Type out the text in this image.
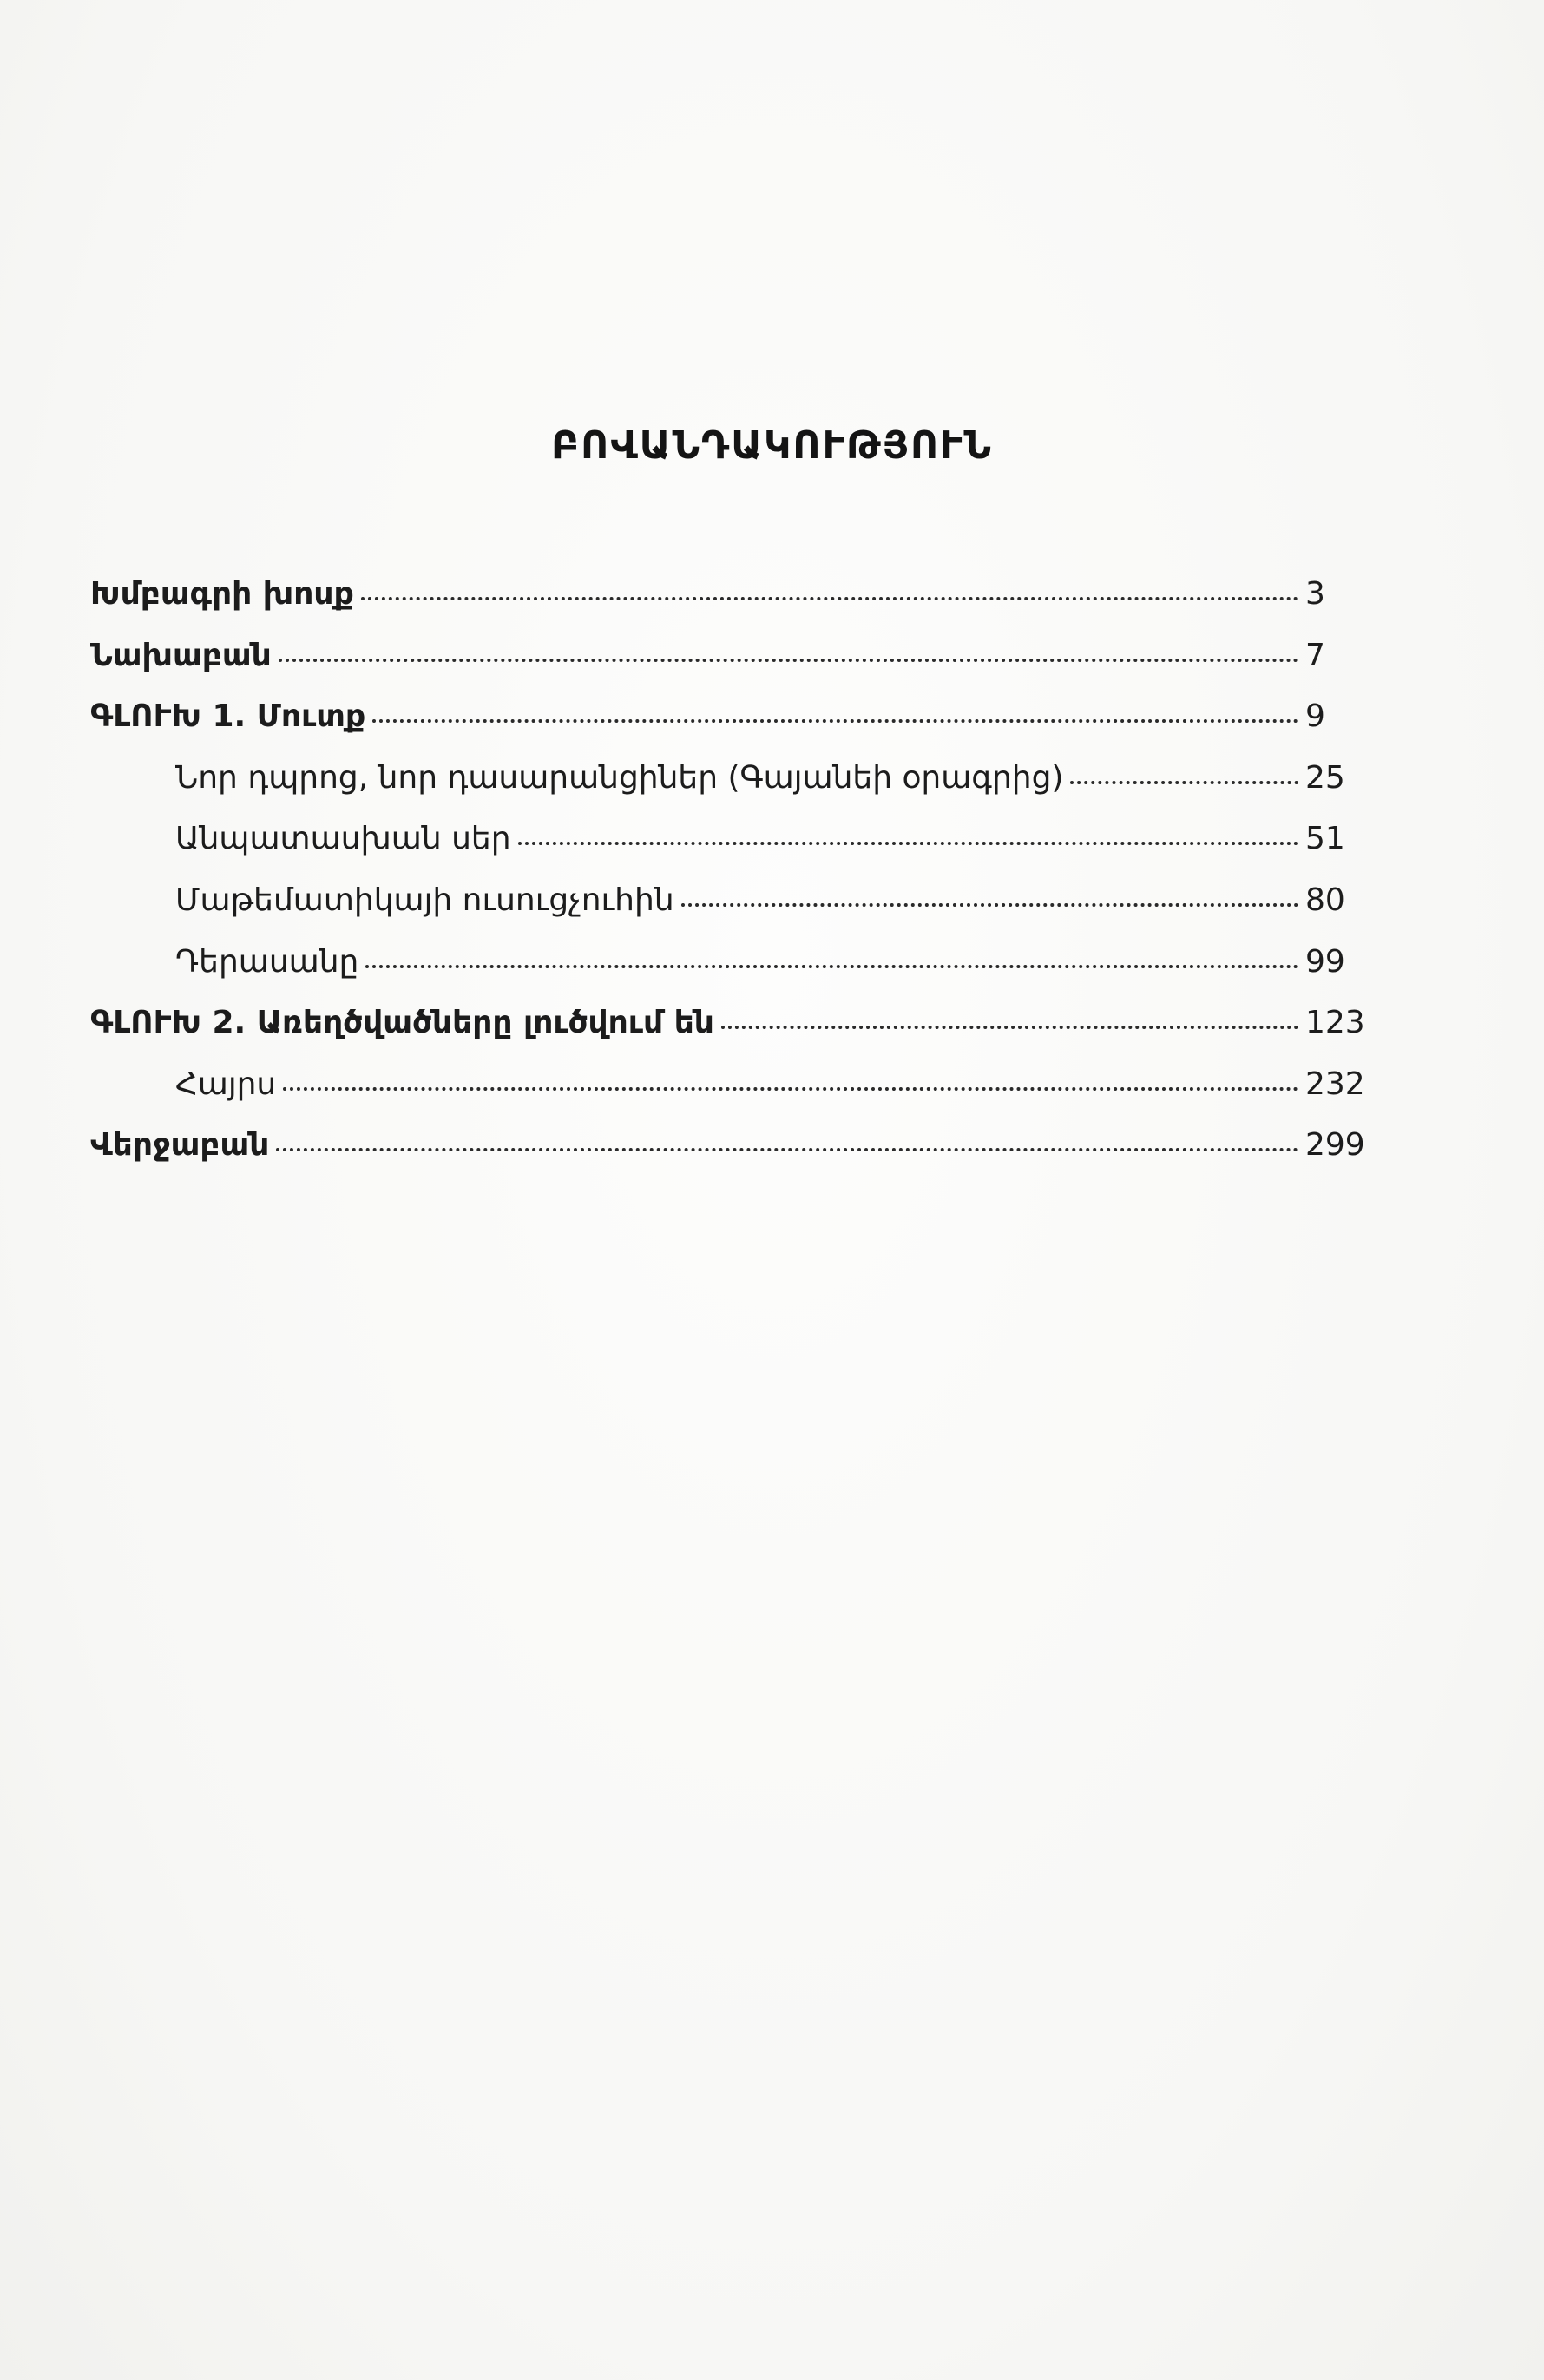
ԲՈՎԱՆԴԱԿՈՒԹՅՈՒՆ
Խմբագրի խոսք	3
Նախաբան	7
ԳԼՈՒԽ 1. Մուտք	9
Նոր դպրոց, նոր դասարանցիներ (Գայանեի օրագրից)	25
Անպատասխան սեր	51
Մաթեմատիկայի ուսուցչուհին	80
Դերասանը	99
ԳԼՈՒԽ 2. Առեղծվածները լուծվում են	123
Հայրս	232
Վերջաբան	299
